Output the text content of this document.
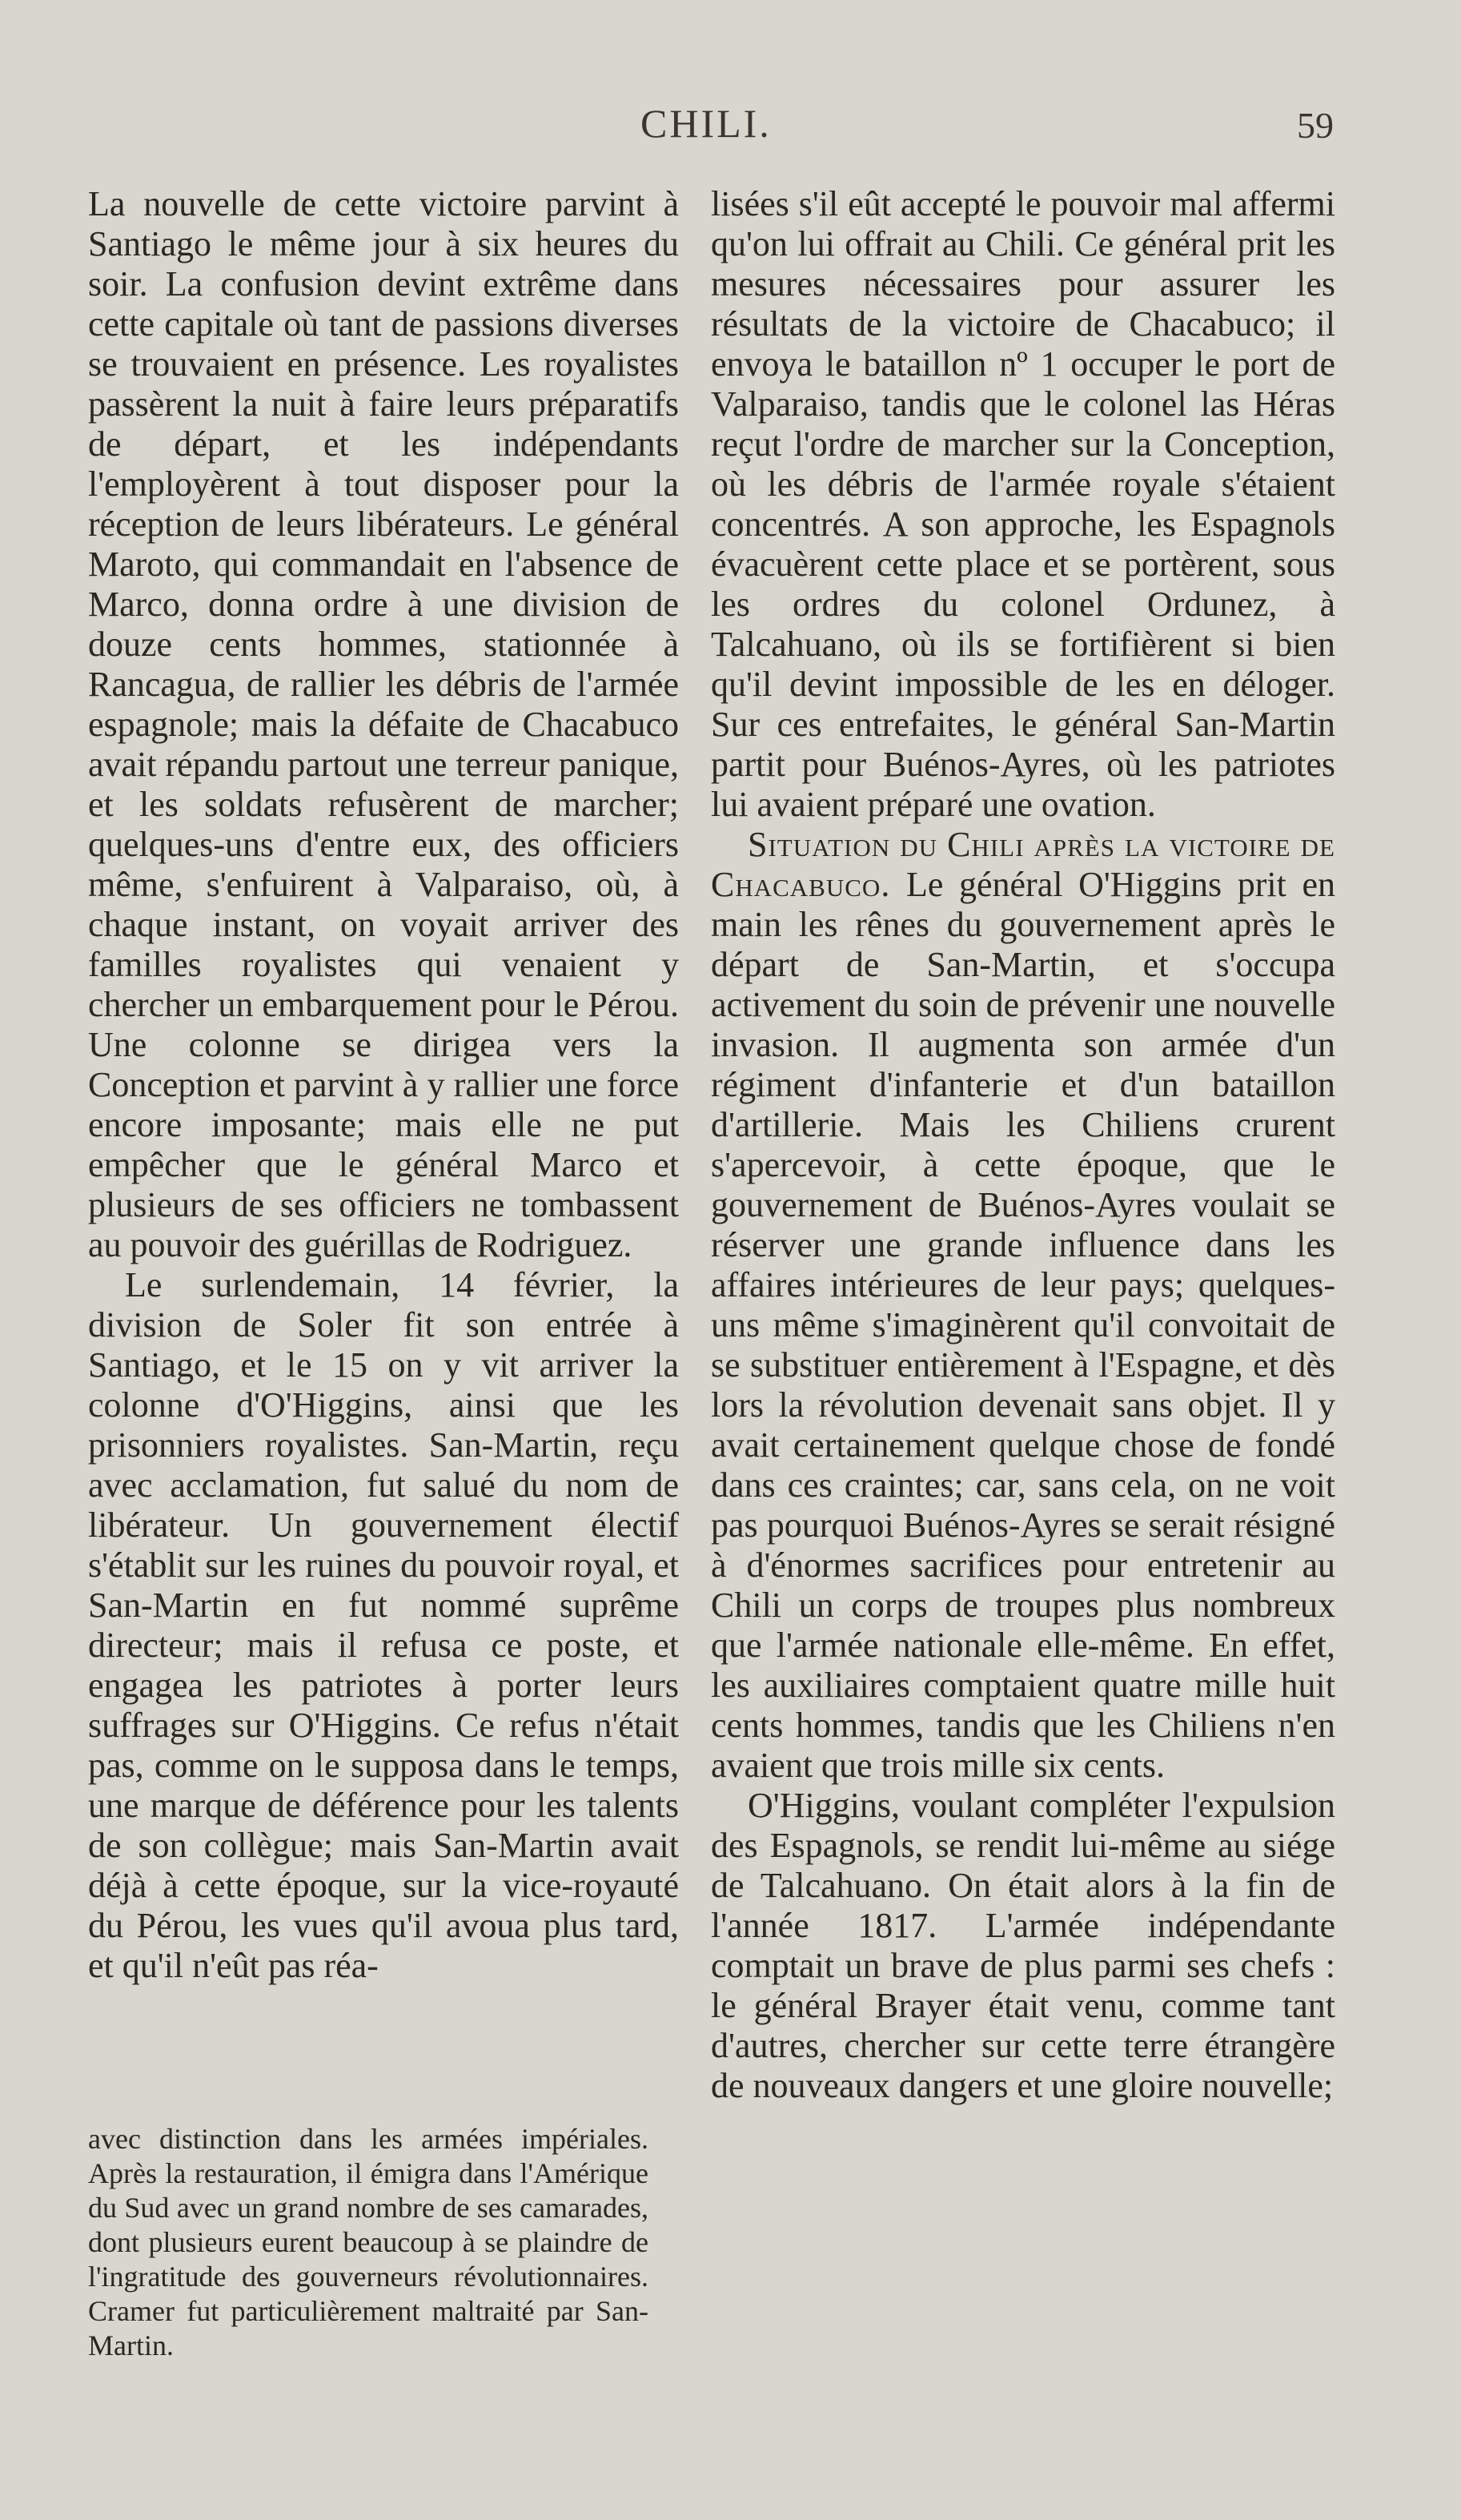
CHILI.	59

La nouvelle de cette victoire parvint à Santiago le même jour à six heures du soir. La confusion devint extrême dans cette capitale où tant de passions diverses se trouvaient en présence. Les royalistes passèrent la nuit à faire leurs préparatifs de départ, et les indépendants l'employèrent à tout disposer pour la réception de leurs libérateurs. Le général Maroto, qui commandait en l'absence de Marco, donna ordre à une division de douze cents hommes, stationnée à Rancagua, de rallier les débris de l'armée espagnole; mais la défaite de Chacabuco avait répandu partout une terreur panique, et les soldats refusèrent de marcher; quelques-uns d'entre eux, des officiers même, s'enfuirent à Valparaiso, où, à chaque instant, on voyait arriver des familles royalistes qui venaient y chercher un embarquement pour le Pérou. Une colonne se dirigea vers la Conception et parvint à y rallier une force encore imposante; mais elle ne put empêcher que le général Marco et plusieurs de ses officiers ne tombassent au pouvoir des guérillas de Rodriguez.

Le surlendemain, 14 février, la division de Soler fit son entrée à Santiago, et le 15 on y vit arriver la colonne d'O'Higgins, ainsi que les prisonniers royalistes. San-Martin, reçu avec acclamation, fut salué du nom de libérateur. Un gouvernement électif s'établit sur les ruines du pouvoir royal, et San-Martin en fut nommé suprême directeur; mais il refusa ce poste, et engagea les patriotes à porter leurs suffrages sur O'Higgins. Ce refus n'était pas, comme on le supposa dans le temps, une marque de déférence pour les talents de son collègue; mais San-Martin avait déjà à cette époque, sur la vice-royauté du Pérou, les vues qu'il avoua plus tard, et qu'il n'eût pas réa-

avec distinction dans les armées impériales. Après la restauration, il émigra dans l'Amérique du Sud avec un grand nombre de ses camarades, dont plusieurs eurent beaucoup à se plaindre de l'ingratitude des gouverneurs révolutionnaires. Cramer fut particulièrement maltraité par San-Martin.

lisées s'il eût accepté le pouvoir mal affermi qu'on lui offrait au Chili. Ce général prit les mesures nécessaires pour assurer les résultats de la victoire de Chacabuco; il envoya le bataillon nº 1 occuper le port de Valparaiso, tandis que le colonel las Héras reçut l'ordre de marcher sur la Conception, où les débris de l'armée royale s'étaient concentrés. A son approche, les Espagnols évacuèrent cette place et se portèrent, sous les ordres du colonel Ordunez, à Talcahuano, où ils se fortifièrent si bien qu'il devint impossible de les en déloger. Sur ces entrefaites, le général San-Martin partit pour Buénos-Ayres, où les patriotes lui avaient préparé une ovation.

Situation du Chili après la victoire de Chacabuco. Le général O'Higgins prit en main les rênes du gouvernement après le départ de San-Martin, et s'occupa activement du soin de prévenir une nouvelle invasion. Il augmenta son armée d'un régiment d'infanterie et d'un bataillon d'artillerie. Mais les Chiliens crurent s'apercevoir, à cette époque, que le gouvernement de Buénos-Ayres voulait se réserver une grande influence dans les affaires intérieures de leur pays; quelques-uns même s'imaginèrent qu'il convoitait de se substituer entièrement à l'Espagne, et dès lors la révolution devenait sans objet. Il y avait certainement quelque chose de fondé dans ces craintes; car, sans cela, on ne voit pas pourquoi Buénos-Ayres se serait résigné à d'énormes sacrifices pour entretenir au Chili un corps de troupes plus nombreux que l'armée nationale elle-même. En effet, les auxiliaires comptaient quatre mille huit cents hommes, tandis que les Chiliens n'en avaient que trois mille six cents.

O'Higgins, voulant compléter l'expulsion des Espagnols, se rendit lui-même au siége de Talcahuano. On était alors à la fin de l'année 1817. L'armée indépendante comptait un brave de plus parmi ses chefs : le général Brayer était venu, comme tant d'autres, chercher sur cette terre étrangère de nouveaux dangers et une gloire nouvelle;
